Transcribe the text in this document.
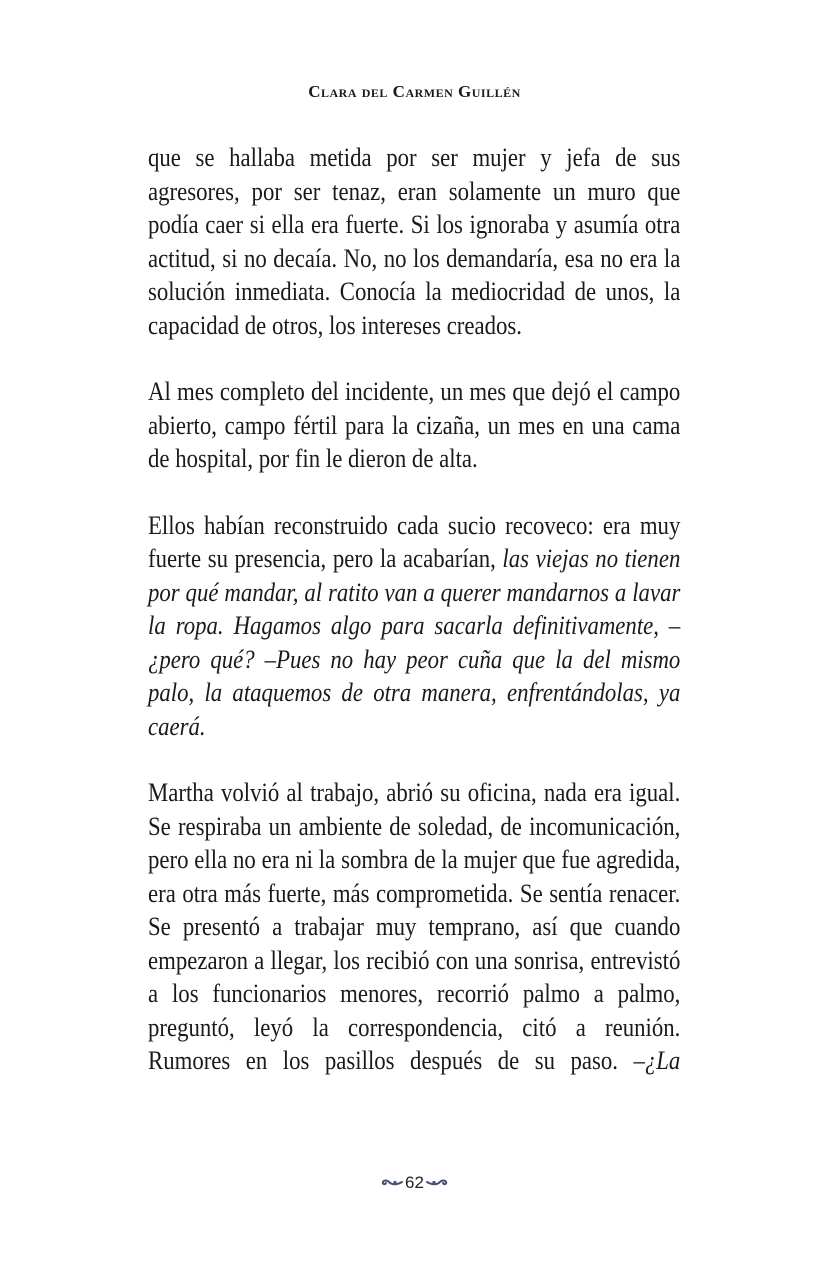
Clara del Carmen Guillén

que se hallaba metida por ser mujer y jefa de sus agresores, por ser tenaz, eran solamente un muro que podía caer si ella era fuerte. Si los ignoraba y asumía otra actitud, si no decaía. No, no los demandaría, esa no era la solución inmediata. Conocía la mediocridad de unos, la capacidad de otros, los intereses creados.

Al mes completo del incidente, un mes que dejó el campo abierto, campo fértil para la cizaña, un mes en una cama de hospital, por fin le dieron de alta.

Ellos habían reconstruido cada sucio recoveco: era muy fuerte su presencia, pero la acabarían, las viejas no tienen por qué mandar, al ratito van a querer mandarnos a lavar la ropa. Hagamos algo para sacarla definitivamente, –¿pero qué? –Pues no hay peor cuña que la del mismo palo, la ataquemos de otra manera, enfrentándolas, ya caerá.

Martha volvió al trabajo, abrió su oficina, nada era igual. Se respiraba un ambiente de soledad, de incomunicación, pero ella no era ni la sombra de la mujer que fue agredida, era otra más fuerte, más comprometida. Se sentía renacer. Se presentó a trabajar muy temprano, así que cuando empezaron a llegar, los recibió con una sonrisa, entrevistó a los funcionarios menores, recorrió palmo a palmo, preguntó, leyó la correspondencia, citó a reunión. Rumores en los pasillos después de su paso. –¿La

62
